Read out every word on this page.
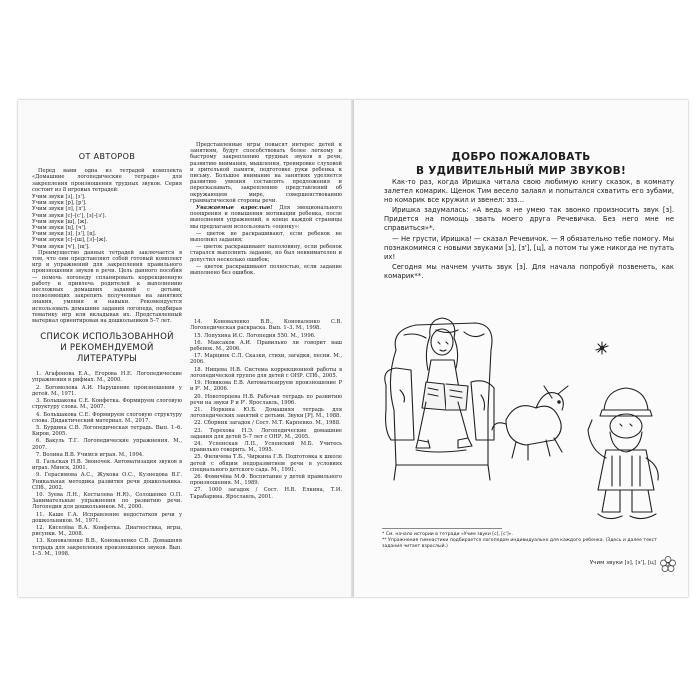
ОТ АВТОРОВ

Перед вами одна из тетрадей комплекта «Домашние логопедические тетради» для закрепления произношения трудных звуков. Серия состоит из 8 игровых тетрадей:

Учим звуки [з], [з'].

Учим звуки [р], [р'].

Учим звуки [л], [л'].

Учим звуки [с]–[с'], [з]–[з'].

Учим звуки [ш], [ж].

Учим звуки [ц], [ч'].

Учим звуки [з], [з'], [ц].

Учим звуки [с]–[ш], [з]–[ж].

Учим звуки [ч'], [щ'].

Преимущество данных тетрадей заключается в том, что они представляют собой готовый комплект игр и упражнений для закрепления правильного произношения звуков в речи. Цель данного пособия — помочь логопеду спланировать коррекционную работу и привлечь родителей к выполнению несложных домашних заданий с детьми, позволяющих закрепить полученные на занятиях знания, умения и навыки. Рекомендуется использовать домашние задания логопеда, подбирая тематику игр или вкладывая их. Представленный материал ориентирован на дошкольников 5–7 лет.

СПИСОК ИСПОЛЬЗОВАННОЙ
И РЕКОМЕНДУЕМОЙ ЛИТЕРАТУРЫ
1. Агафонова Е.А., Егорова Н.Е. Логопедические упражнения в рифмах. М., 2000.
2. Богомолова А.И. Нарушение произношения у детей. М., 1971.
3. Большакова С.Е. Конфетка. Формируем слоговую структуру слова. М., 2007.
4. Большакова С.Е. Формируем слоговую структуру слова. Дидактический материал. М., 2017.
5. Бурдина С.В. Логопедическая тетрадь. Вып. 1–6. Киров, 2005.
6. Вакуль Т.Г. Логопедические упражнения. М., 2007.
7. Волина В.В. Учимся играя. М., 1994.
8. Гальская Н.В. Звоночек. Автоматизация звуков в играх. Минск, 2001.
9. Герасимова А.С., Жукова О.С., Кузнецова В.Г. Уникальная методика развития речи дошкольника. СПб., 2002.
10. Зуева Л.Н., Костылева Н.Ю., Солошенко О.П. Занимательные упражнения по развитию речи. Логопедия для дошкольников. М., 2000.
11. Кашe Г.А. Исправление недостатков речи у дошкольников. М., 1971.
12. Киселёва В.А. Конфетка. Диагностика, игры, рисунки. М., 2008.
13. Коноваленко В.В., Коноваленко С.В. Домашняя тетрадь для закрепления произношения звуков. Вып. 1–5. М., 1998.

Представленные игры повысят интерес детей к занятиям, будут способствовать более легкому и быстрому закреплению трудных звуков в речи, развитию внимания, мышления, тренировке слуховой и зрительной памяти, подготовке руки ребенка к письму. Большое внимание на занятиях уделяется развитию умения составлять предложения и пересказывать, закреплению представлений об окружающем мире, совершенствованию грамматической стороны речи.

Уважаемые взрослые! Для эмоционального поощрения и повышения мотивации ребенка, после выполнения упражнений, в конце каждой страницы мы предлагаем использовать «оценку»:

— цветок не раскрашивают, если ребенок не выполнил задания;

— цветок раскрашивают наполовину, если ребенок старался выполнить задание, но был невнимателен и допустил несколько ошибок;

— цветок раскрашивают полностью, если задание выполнено без ошибок.

14. Коноваленко В.В., Коноваленко С.В. Логопедическая раскраска. Вып. 1–3. М., 1998.
15. Лопухина И.С. Логопедия 550. М., 1996.
16. Максаков А.И. Правильно ли говорит ваш ребенок. М., 2006.
17. Марцинк С.Л. Сказки, стихи, загадки, песни. М., 2006.
18. Нищева Н.В. Система коррекционной работы в логопедической группе для детей с ОНР. СПб., 2005.
19. Новикова Е.В. Автоматизируем произношение Р и Р'. М., 2006.
20. Новоторцева Н.В. Рабочая тетрадь по развитию речи на звуки Р и Р'. Ярославль, 1996.
21. Норкина Ю.Б. Домашняя тетрадь для логопедических занятий с детьми. Звуки [Р]. М., 1988.
22. Сборник загадок / Сост. М.Т. Карпенко. М., 1988.
23. Терехова Н.Э. Логопедические домашние задания для детей 5–7 лет с ОНР. М., 2005.
24. Успенская Л.П., Успенский М.Б. Учитесь правильно говорить. М., 1995.
25. Филичева Т.Б., Чиркина Г.В. Подготовка к школе детей с общим недоразвитием речи в условиях специального детского сада. М., 1991.
26. Фомичёва М.Ф. Воспитание у детей правильного произношения. М., 1989.
27. 1000 загадок / Сост. Н.В. Елкина, Т.И. Тарабарина. Ярославль, 2001.
ДОБРО ПОЖАЛОВАТЬ
В УДИВИТЕЛЬНЫЙ МИР ЗВУКОВ!

Как-то раз, когда Иришка читала свою любимую книгу сказок, в комнату залетел комарик. Щенок Тим весело залаял и попытался схватить его зубами, но комарик все кружил и звенел: ззз...

Иришка задумалась: «А ведь я не умею так звонко произносить звук [з]. Придется на помощь звать моего друга Речевичка. Без него мне не справиться»*.

— Не грусти, Иришка! — сказал Речевичок. — Я обязательно тебе помогу. Мы познакомимся с новыми звуками [з], [з'], [ц], а потом ты уже никогда не путать их!

Сегодня мы начнем учить звук [з]. Для начала попробуй позвенеть, как комарик**.

* См. начало истории в тетради «Учим звуки [с], [с']».

** Упражнения гимнастики подбирается логопедом индивидуально для каждого ребенка. (Здесь и далее текст задания читает взрослый.)

Учим звуки [з], [з'], [ц] 3
